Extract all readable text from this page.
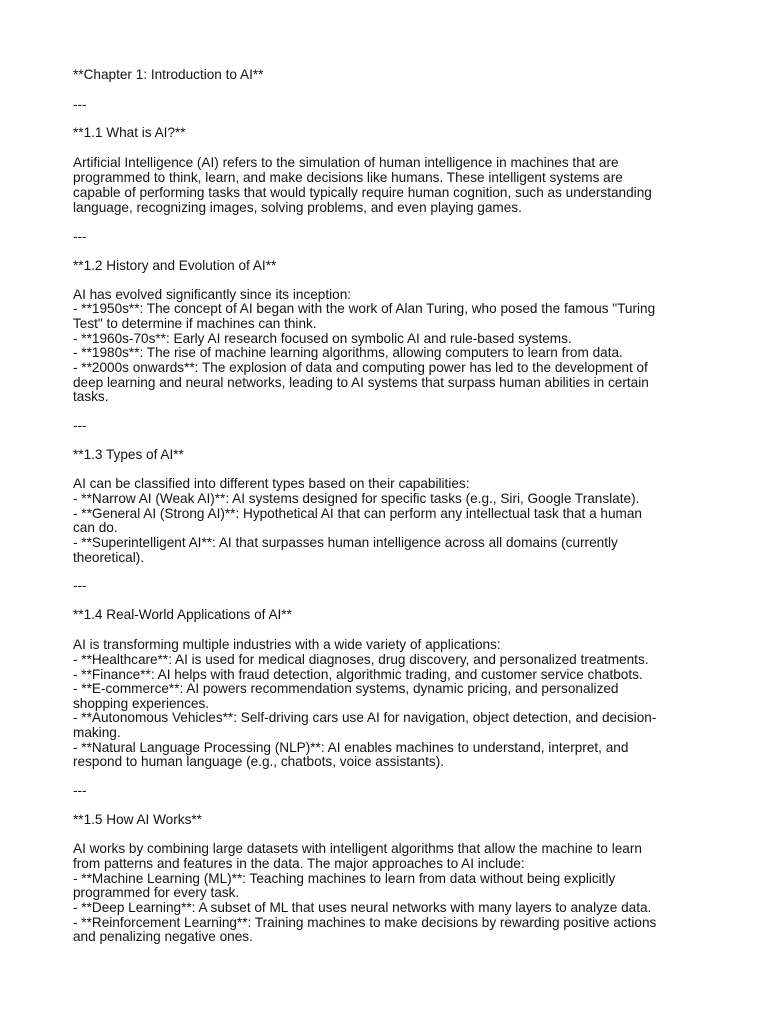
**Chapter 1: Introduction to AI**

---

**1.1 What is AI?**

Artificial Intelligence (AI) refers to the simulation of human intelligence in machines that are

programmed to think, learn, and make decisions like humans. These intelligent systems are

capable of performing tasks that would typically require human cognition, such as understanding

language, recognizing images, solving problems, and even playing games.

---

**1.2 History and Evolution of AI**

AI has evolved significantly since its inception:

- **1950s**: The concept of AI began with the work of Alan Turing, who posed the famous "Turing

Test" to determine if machines can think.

- **1960s-70s**: Early AI research focused on symbolic AI and rule-based systems.

- **1980s**: The rise of machine learning algorithms, allowing computers to learn from data.

- **2000s onwards**: The explosion of data and computing power has led to the development of

deep learning and neural networks, leading to AI systems that surpass human abilities in certain

tasks.

---

**1.3 Types of AI**

AI can be classified into different types based on their capabilities:

- **Narrow AI (Weak AI)**: AI systems designed for specific tasks (e.g., Siri, Google Translate).

- **General AI (Strong AI)**: Hypothetical AI that can perform any intellectual task that a human

can do.

- **Superintelligent AI**: AI that surpasses human intelligence across all domains (currently

theoretical).

---

**1.4 Real-World Applications of AI**

AI is transforming multiple industries with a wide variety of applications:

- **Healthcare**: AI is used for medical diagnoses, drug discovery, and personalized treatments.

- **Finance**: AI helps with fraud detection, algorithmic trading, and customer service chatbots.

- **E-commerce**: AI powers recommendation systems, dynamic pricing, and personalized

shopping experiences.

- **Autonomous Vehicles**: Self-driving cars use AI for navigation, object detection, and decision-

making.

- **Natural Language Processing (NLP)**: AI enables machines to understand, interpret, and

respond to human language (e.g., chatbots, voice assistants).

---

**1.5 How AI Works**

AI works by combining large datasets with intelligent algorithms that allow the machine to learn

from patterns and features in the data. The major approaches to AI include:

- **Machine Learning (ML)**: Teaching machines to learn from data without being explicitly

programmed for every task.

- **Deep Learning**: A subset of ML that uses neural networks with many layers to analyze data.

- **Reinforcement Learning**: Training machines to make decisions by rewarding positive actions

and penalizing negative ones.
